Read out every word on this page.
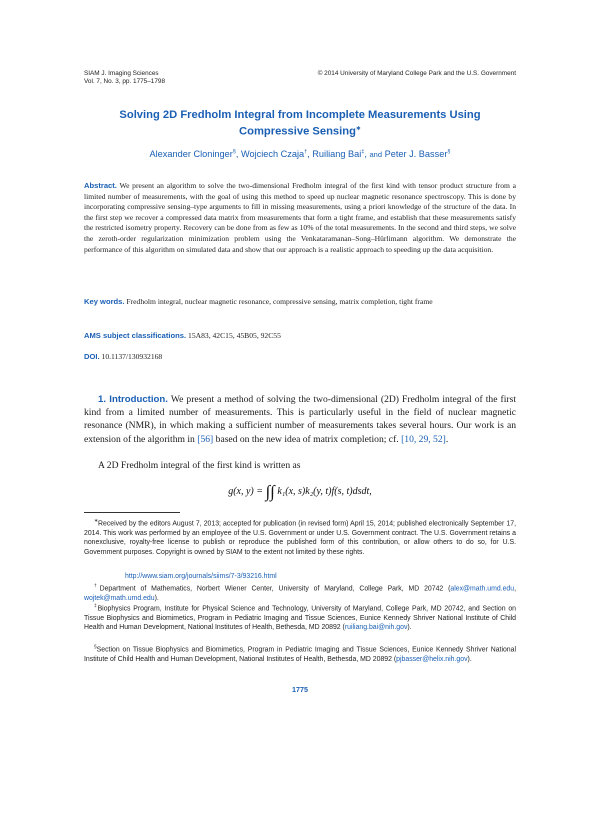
SIAM J. Imaging Sciences
Vol. 7, No. 3, pp. 1775–1798
© 2014 University of Maryland College Park and the U.S. Government
Solving 2D Fredholm Integral from Incomplete Measurements Using Compressive Sensing∗
Alexander Cloninger§, Wojciech Czaja†, Ruiliang Bai‡, and Peter J. Basser§
Abstract. We present an algorithm to solve the two-dimensional Fredholm integral of the first kind with tensor product structure from a limited number of measurements, with the goal of using this method to speed up nuclear magnetic resonance spectroscopy. This is done by incorporating compressive sensing–type arguments to fill in missing measurements, using a priori knowledge of the structure of the data. In the first step we recover a compressed data matrix from measurements that form a tight frame, and establish that these measurements satisfy the restricted isometry property. Recovery can be done from as few as 10% of the total measurements. In the second and third steps, we solve the zeroth-order regularization minimization problem using the Venkataramanan–Song–Hürlimann algorithm. We demonstrate the performance of this algorithm on simulated data and show that our approach is a realistic approach to speeding up the data acquisition.
Key words. Fredholm integral, nuclear magnetic resonance, compressive sensing, matrix completion, tight frame
AMS subject classifications. 15A83, 42C15, 45B05, 92C55
DOI. 10.1137/130932168
1. Introduction. We present a method of solving the two-dimensional (2D) Fredholm integral of the first kind from a limited number of measurements. This is particularly useful in the field of nuclear magnetic resonance (NMR), in which making a sufficient number of measurements takes several hours. Our work is an extension of the algorithm in [56] based on the new idea of matrix completion; cf. [10, 29, 52].
A 2D Fredholm integral of the first kind is written as
g(x, y) = ∫∫ k₁(x, s)k₂(y, t)f(s, t)dsdt,
∗Received by the editors August 7, 2013; accepted for publication (in revised form) April 15, 2014; published electronically September 17, 2014. This work was performed by an employee of the U.S. Government or under U.S. Government contract. The U.S. Government retains a nonexclusive, royalty-free license to publish or reproduce the published form of this contribution, or allow others to do so, for U.S. Government purposes. Copyright is owned by SIAM to the extent not limited by these rights.
http://www.siam.org/journals/siims/7-3/93216.html
†Department of Mathematics, Norbert Wiener Center, University of Maryland, College Park, MD 20742 (alex@math.umd.edu, wojtek@math.umd.edu).
‡Biophysics Program, Institute for Physical Science and Technology, University of Maryland, College Park, MD 20742, and Section on Tissue Biophysics and Biomimetics, Program in Pediatric Imaging and Tissue Sciences, Eunice Kennedy Shriver National Institute of Child Health and Human Development, National Institutes of Health, Bethesda, MD 20892 (ruiliang.bai@nih.gov).
§Section on Tissue Biophysics and Biomimetics, Program in Pediatric Imaging and Tissue Sciences, Eunice Kennedy Shriver National Institute of Child Health and Human Development, National Institutes of Health, Bethesda, MD 20892 (pjbasser@helix.nih.gov).
1775
